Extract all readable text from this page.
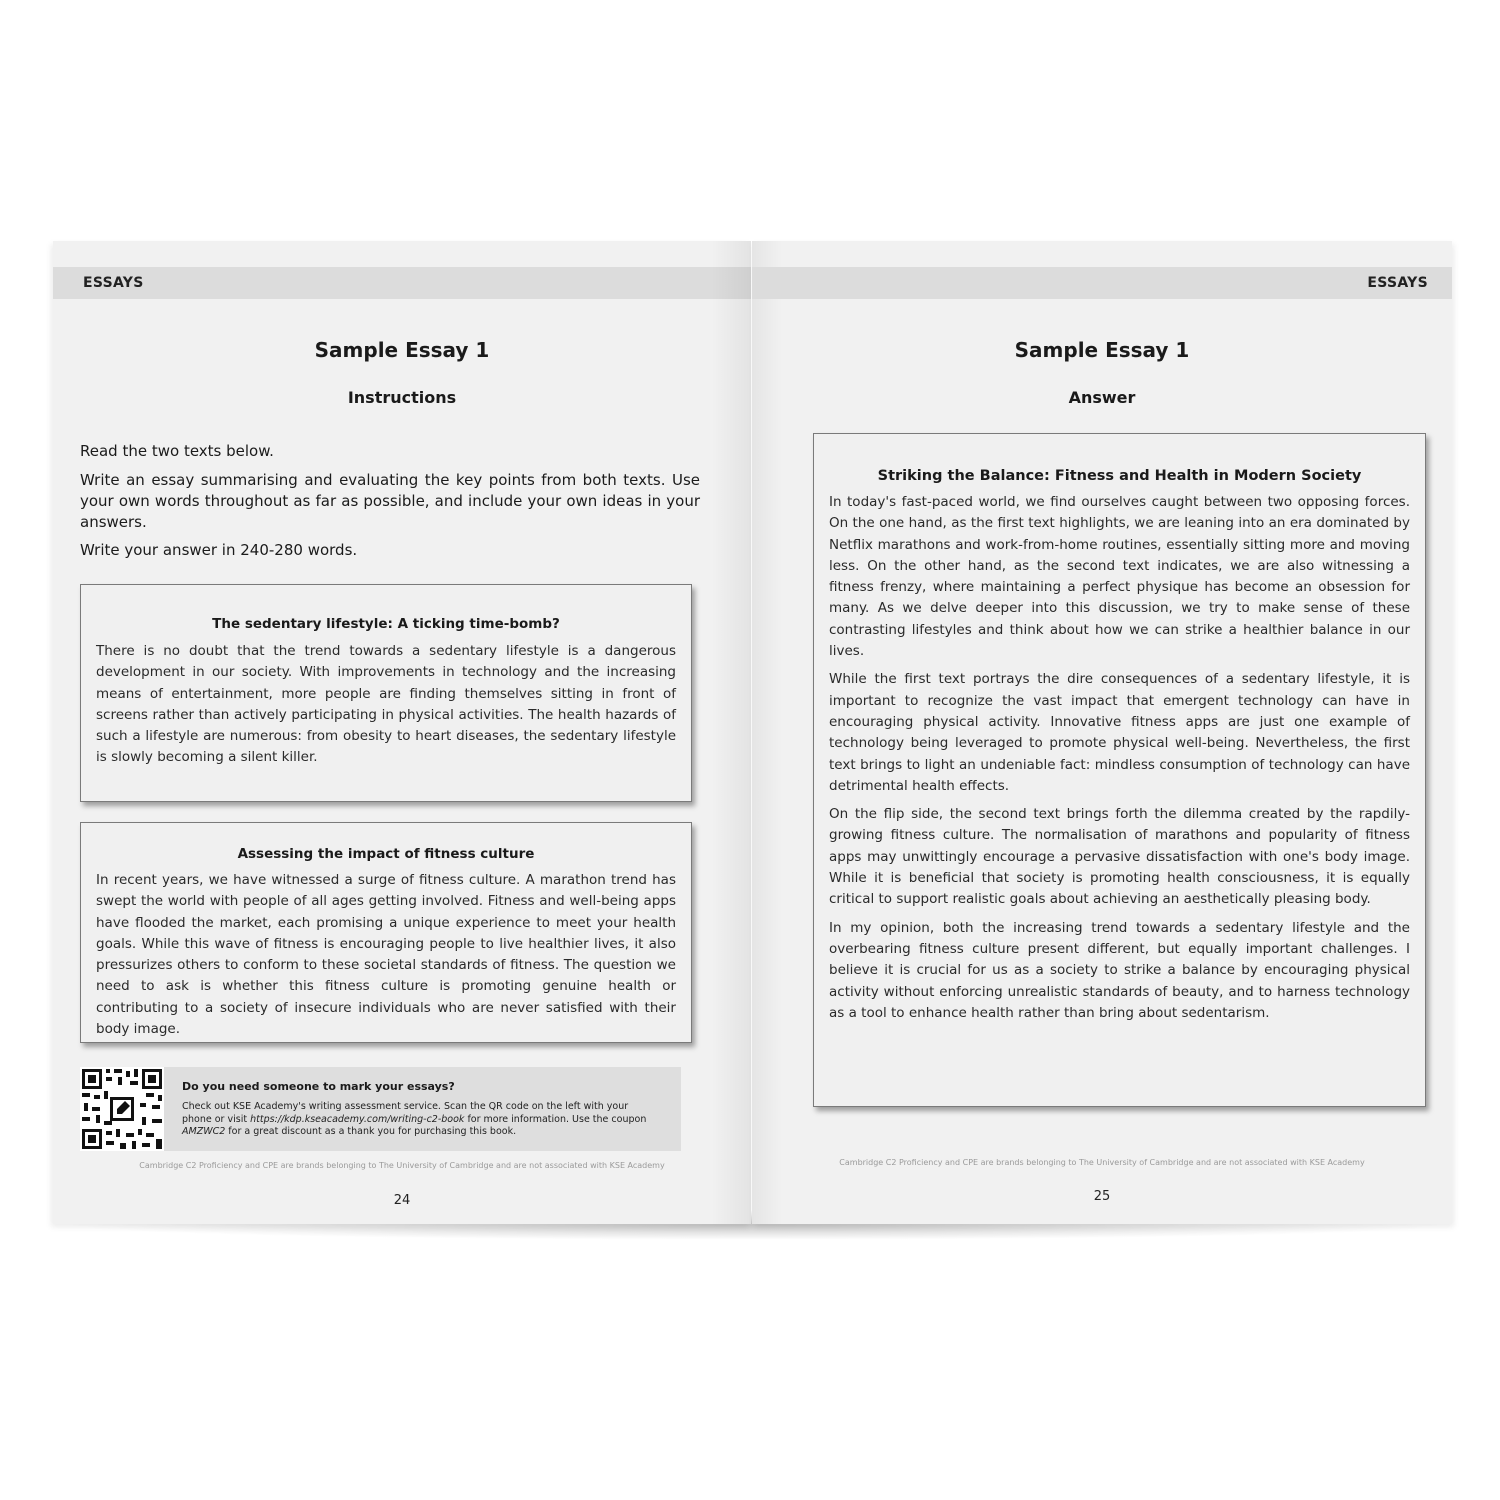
ESSAYS
Sample Essay 1
Instructions
Read the two texts below.
Write an essay summarising and evaluating the key points from both texts. Use your own words throughout as far as possible, and include your own ideas in your answers.
Write your answer in 240-280 words.
The sedentary lifestyle: A ticking time-bomb?

There is no doubt that the trend towards a sedentary lifestyle is a dangerous development in our society. With improvements in technology and the increasing means of entertainment, more people are finding themselves sitting in front of screens rather than actively participating in physical activities. The health hazards of such a lifestyle are numerous: from obesity to heart diseases, the sedentary lifestyle is slowly becoming a silent killer.

Assessing the impact of fitness culture

In recent years, we have witnessed a surge of fitness culture. A marathon trend has swept the world with people of all ages getting involved. Fitness and well-being apps have flooded the market, each promising a unique experience to meet your health goals. While this wave of fitness is encouraging people to live healthier lives, it also pressurizes others to conform to these societal standards of fitness. The question we need to ask is whether this fitness culture is promoting genuine health or contributing to a society of insecure individuals who are never satisfied with their body image.

Do you need someone to mark your essays?
Check out KSE Academy's writing assessment service. Scan the QR code on the left with your phone or visit https://kdp.kseacademy.com/writing-c2-book for more information. Use the coupon AMZWC2 for a great discount as a thank you for purchasing this book.
Cambridge C2 Proficiency and CPE are brands belonging to The University of Cambridge and are not associated with KSE Academy
24
ESSAYS
Sample Essay 1
Answer
Striking the Balance: Fitness and Health in Modern Society

In today's fast-paced world, we find ourselves caught between two opposing forces. On the one hand, as the first text highlights, we are leaning into an era dominated by Netflix marathons and work-from-home routines, essentially sitting more and moving less. On the other hand, as the second text indicates, we are also witnessing a fitness frenzy, where maintaining a perfect physique has become an obsession for many. As we delve deeper into this discussion, we try to make sense of these contrasting lifestyles and think about how we can strike a healthier balance in our lives.

While the first text portrays the dire consequences of a sedentary lifestyle, it is important to recognize the vast impact that emergent technology can have in encouraging physical activity. Innovative fitness apps are just one example of technology being leveraged to promote physical well-being. Nevertheless, the first text brings to light an undeniable fact: mindless consumption of technology can have detrimental health effects.

On the flip side, the second text brings forth the dilemma created by the rapdily-growing fitness culture. The normalisation of marathons and popularity of fitness apps may unwittingly encourage a pervasive dissatisfaction with one's body image. While it is beneficial that society is promoting health consciousness, it is equally critical to support realistic goals about achieving an aesthetically pleasing body.

In my opinion, both the increasing trend towards a sedentary lifestyle and the overbearing fitness culture present different, but equally important challenges. I believe it is crucial for us as a society to strike a balance by encouraging physical activity without enforcing unrealistic standards of beauty, and to harness technology as a tool to enhance health rather than bring about sedentarism.

Cambridge C2 Proficiency and CPE are brands belonging to The University of Cambridge and are not associated with KSE Academy
25
